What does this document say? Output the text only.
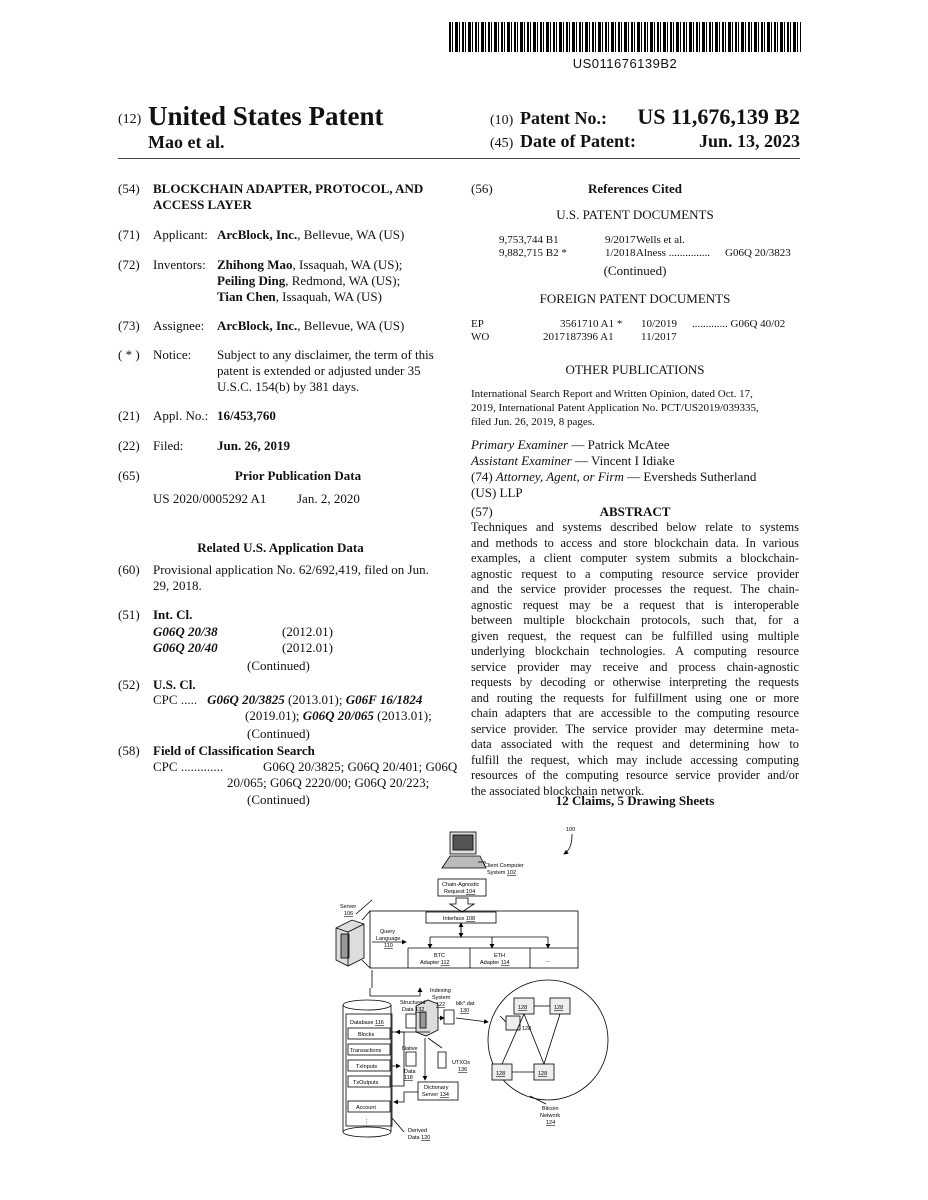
US011676139B2
(12) United States Patent
Mao et al.
(10) Patent No.:	US 11,676,139 B2
(45) Date of Patent:	Jun. 13, 2023
(54) BLOCKCHAIN ADAPTER, PROTOCOL, AND
ACCESS LAYER
(71) Applicant: ArcBlock, Inc., Bellevue, WA (US)
(72) Inventors: Zhihong Mao, Issaquah, WA (US);
Peiling Ding, Redmond, WA (US);
Tian Chen, Issaquah, WA (US)
(73) Assignee: ArcBlock, Inc., Bellevue, WA (US)
( * ) Notice: Subject to any disclaimer, the term of this
patent is extended or adjusted under 35
U.S.C. 154(b) by 381 days.
(21) Appl. No.: 16/453,760
(22) Filed:	Jun. 26, 2019
(65)	Prior Publication Data
US 2020/0005292 A1 Jan. 2, 2020
Related U.S. Application Data
(60) Provisional application No. 62/692,419, filed on Jun.
29, 2018.
(51) Int. Cl.
G06Q 20/38	(2012.01)
G06Q 20/40	(2012.01)
(Continued)
(52) U.S. Cl.
CPC ..... G06Q 20/3825 (2013.01); G06F 16/1824
(2019.01); G06Q 20/065 (2013.01);
(Continued)
(58) Field of Classification Search
CPC .............	G06Q 20/3825; G06Q 20/401; G06Q
20/065; G06Q 2220/00; G06Q 20/223;
(Continued)
(56)	References Cited
U.S. PATENT DOCUMENTS
9,753,744 B1	9/2017 Wells et al.
9,882,715 B2 *	1/2018 Alness ............... G06Q 20/3823
(Continued)
FOREIGN PATENT DOCUMENTS
EP	3561710 A1 * 10/2019 ............. G06Q 40/02
WO	2017187396 A1 11/2017
OTHER PUBLICATIONS
International Search Report and Written Opinion, dated Oct. 17,
2019, International Patent Application No. PCT/US2019/039335,
filed Jun. 26, 2019, 8 pages.
Primary Examiner — Patrick McAtee
Assistant Examiner — Vincent I Idiake
(74) Attorney, Agent, or Firm — Eversheds Sutherland
(US) LLP
(57)	ABSTRACT
Techniques and systems described below relate to systems
and methods to access and store blockchain data. In various
examples, a client computer system submits a blockchain-
agnostic request to a computing resource service provider
and the service provider processes the request. The chain-
agnostic request may be a request that is interoperable
between multiple blockchain protocols, such that, for a
given request, the request can be fulfilled using multiple
underlying blockchain technologies. A computing resource
service provider may receive and process chain-agnostic
requests by decoding or otherwise interpreting the requests
and routing the requests for fulfillment using one or more
chain adapters that are accessible to the computing resource
service provider. The service provider may determine meta-
data associated with the request and determining how to
fulfill the request, which may include accessing computing
resources of the computing resource service provider and/or
the associated blockchain network.
12 Claims, 5 Drawing Sheets
100
Client Computer
System 102
Chain-Agnostic
Request 104
Server
106
Interface 108
Query
Language
110
BTC
Adapter 112
ETH
Adapter 114	...
Indexing
System
122
Structured
Data 132
blk*.dat
130
Database 116
Blocks
Transactions
TxInputs
TxOutputs
Account
⋮
Native
Data
118
UTXOs
136
Dictionary
Server 134
Derived
Data 120
128	128
128	128
128
Bitcoin
Network
124
